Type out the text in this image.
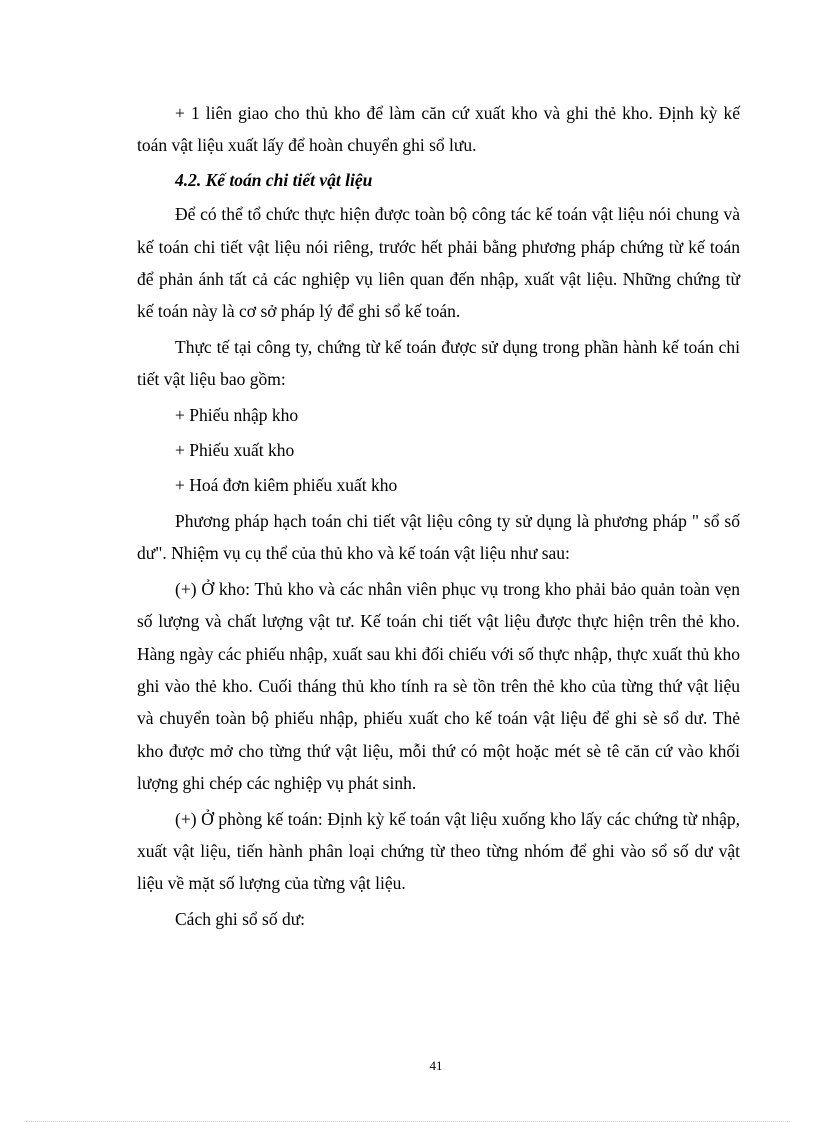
+ 1 liên giao cho thủ kho để làm căn cứ xuất kho và ghi thẻ kho. Định kỳ kế toán vật liệu xuất lấy để hoàn chuyển ghi sổ lưu.

4.2. Kế toán chi tiết vật liệu

Để có thể tổ chức thực hiện được toàn bộ công tác kế toán vật liệu nói chung và kế toán chi tiết vật liệu nói riêng, trước hết phải bằng phương pháp chứng từ kế toán để phản ánh tất cả các nghiệp vụ liên quan đến nhập, xuất vật liệu. Những chứng từ kế toán này là cơ sở pháp lý để ghi sổ kế toán.

Thực tế tại công ty, chứng từ kế toán được sử dụng trong phần hành kế toán chi tiết vật liệu bao gồm:

+ Phiếu nhập kho

+ Phiếu xuất kho

+ Hoá đơn kiêm phiếu xuất kho

Phương pháp hạch toán chi tiết vật liệu công ty sử dụng là phương pháp " sổ số dư". Nhiệm vụ cụ thể của thủ kho và kế toán vật liệu như sau:

(+) Ở kho: Thủ kho và các nhân viên phục vụ trong kho phải bảo quản toàn vẹn số lượng và chất lượng vật tư. Kế toán chi tiết vật liệu được thực hiện trên thẻ kho. Hàng ngày các phiếu nhập, xuất sau khi đối chiếu với số thực nhập, thực xuất thủ kho ghi vào thẻ kho. Cuối tháng thủ kho tính ra sè tồn trên thẻ kho của từng thứ vật liệu và chuyển toàn bộ phiếu nhập, phiếu xuất cho kế toán vật liệu để ghi sè sổ dư. Thẻ kho được mở cho từng thứ vật liệu, mỗi thứ có một hoặc mét sè tê căn cứ vào khối lượng ghi chép các nghiệp vụ phát sinh.

(+) Ở phòng kế toán: Định kỳ kế toán vật liệu xuống kho lấy các chứng từ nhập, xuất vật liệu, tiến hành phân loại chứng từ theo từng nhóm để ghi vào sổ số dư vật liệu về mặt số lượng của từng vật liệu.

Cách ghi sổ số dư:

41
